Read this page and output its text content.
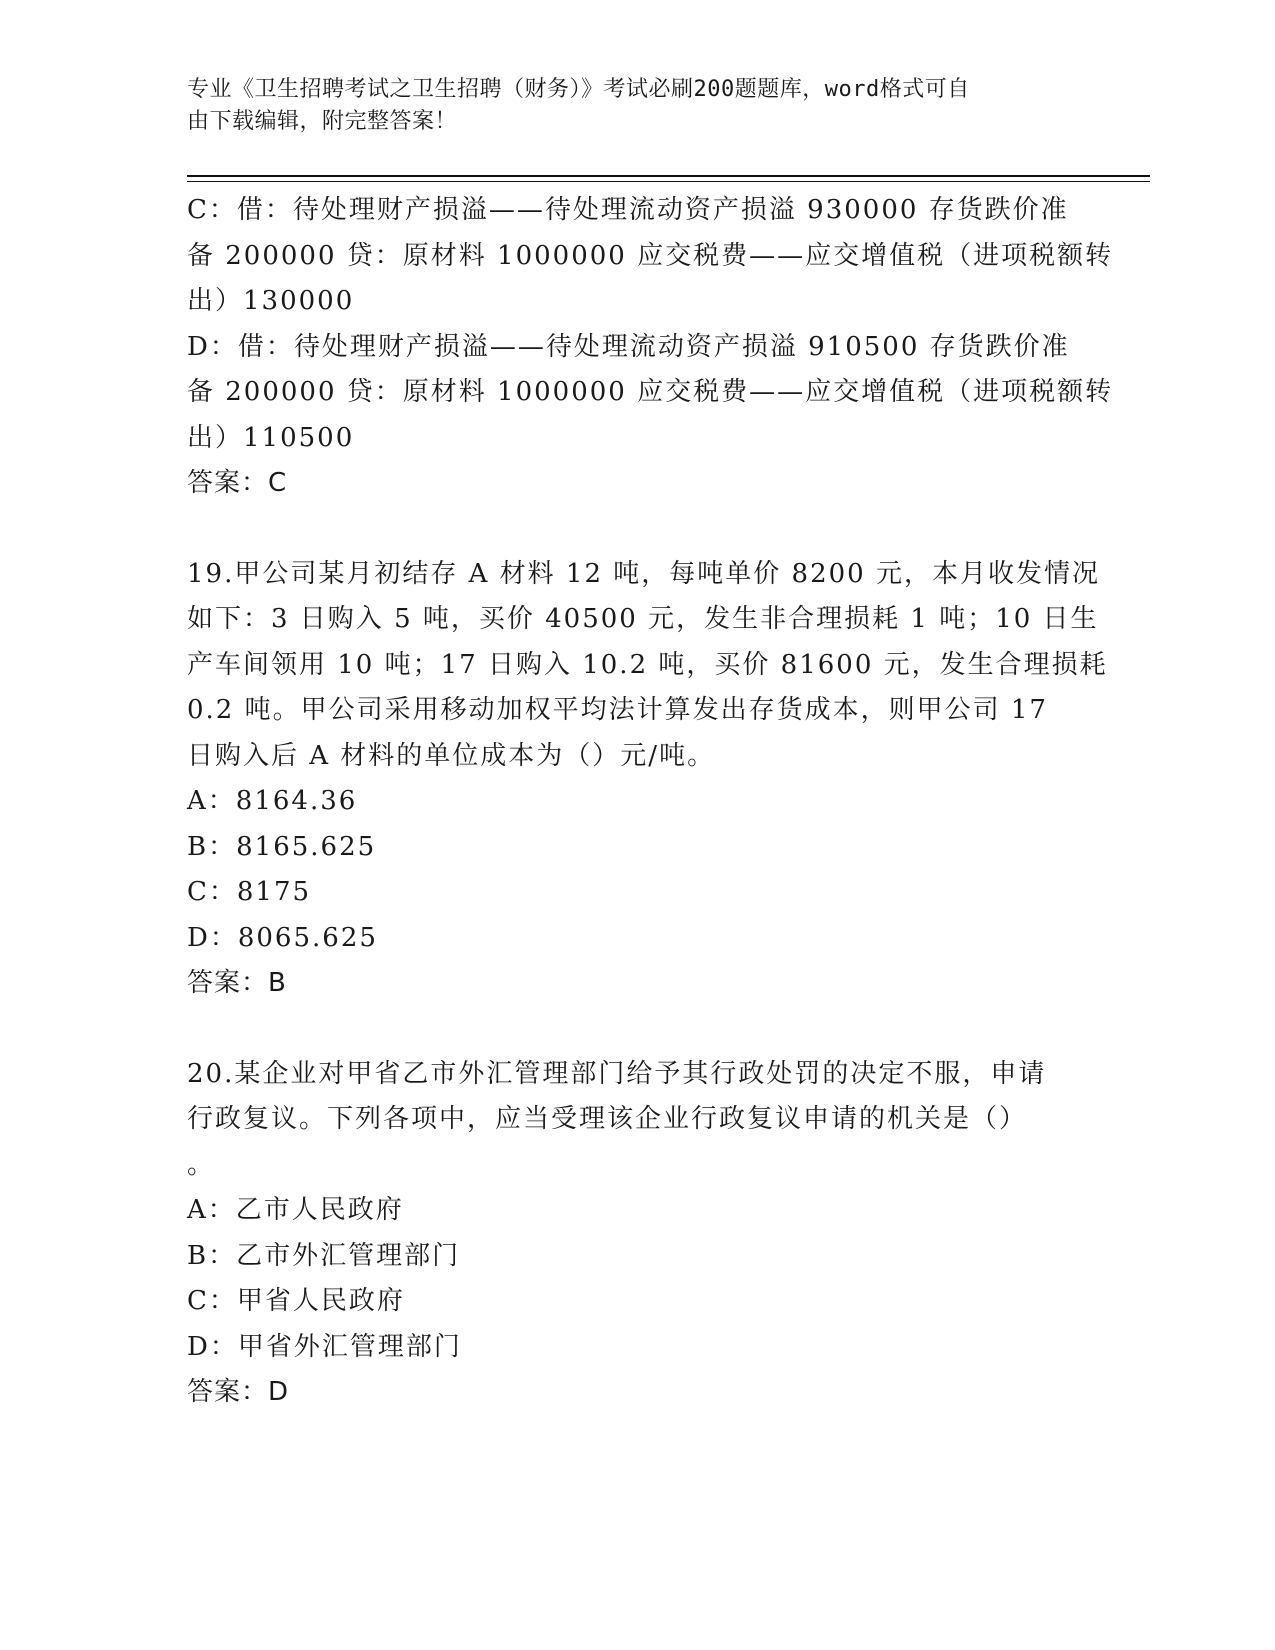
专业《卫生招聘考试之卫生招聘（财务）》考试必刷200题题库，word格式可自
由下载编辑，附完整答案！
C：借：待处理财产损溢——待处理流动资产损溢 930000 存货跌价准
备 200000 贷：原材料 1000000 应交税费——应交增值税（进项税额转
出）130000
D：借：待处理财产损溢——待处理流动资产损溢 910500 存货跌价准
备 200000 贷：原材料 1000000 应交税费——应交增值税（进项税额转
出）110500
答案：C
19.甲公司某月初结存 A 材料 12 吨，每吨单价 8200 元，本月收发情况
如下：3 日购入 5 吨，买价 40500 元，发生非合理损耗 1 吨；10 日生
产车间领用 10 吨；17 日购入 10.2 吨，买价 81600 元，发生合理损耗
0.2 吨。甲公司采用移动加权平均法计算发出存货成本，则甲公司 17
日购入后 A 材料的单位成本为（）元/吨。
A：8164.36
B：8165.625
C：8175
D：8065.625
答案：B
20.某企业对甲省乙市外汇管理部门给予其行政处罚的决定不服，申请
行政复议。下列各项中，应当受理该企业行政复议申请的机关是（）
。
A：乙市人民政府
B：乙市外汇管理部门
C：甲省人民政府
D：甲省外汇管理部门
答案：D
